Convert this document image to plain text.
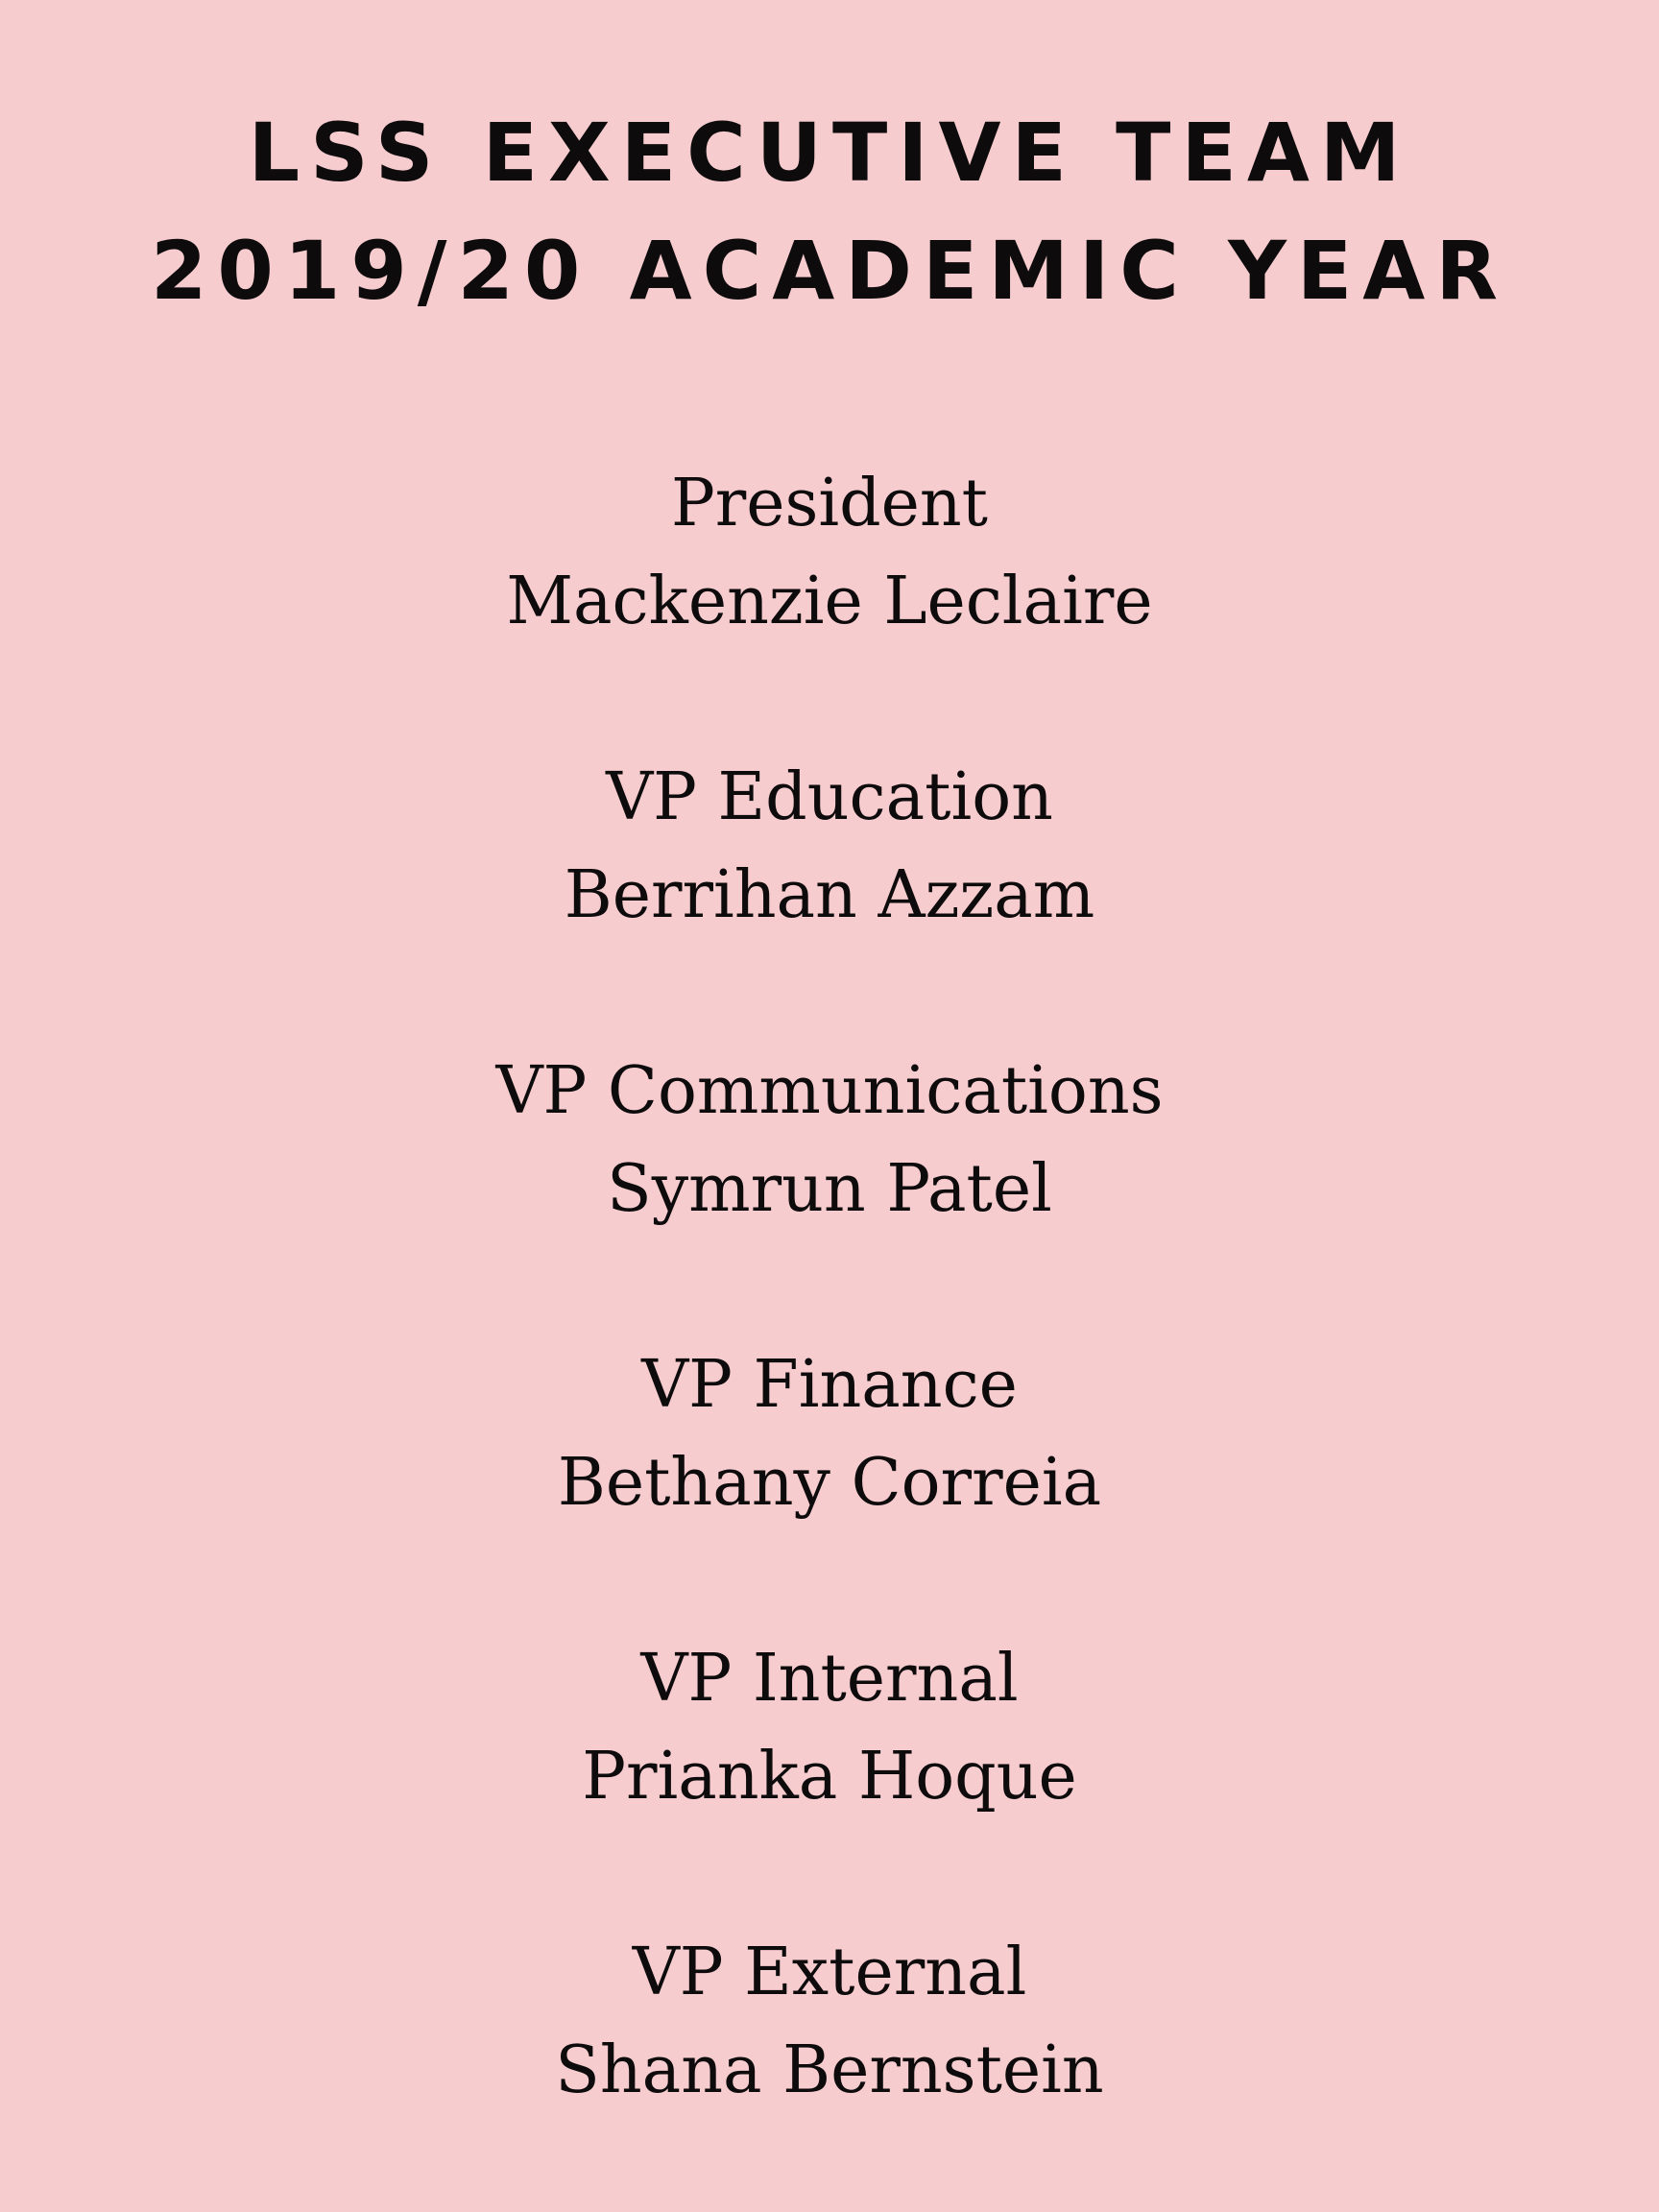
LSS EXECUTIVE TEAM
2019/20 ACADEMIC YEAR
President
Mackenzie Leclaire
VP Education
Berrihan Azzam
VP Communications
Symrun Patel
VP Finance
Bethany Correia
VP Internal
Prianka Hoque
VP External
Shana Bernstein
